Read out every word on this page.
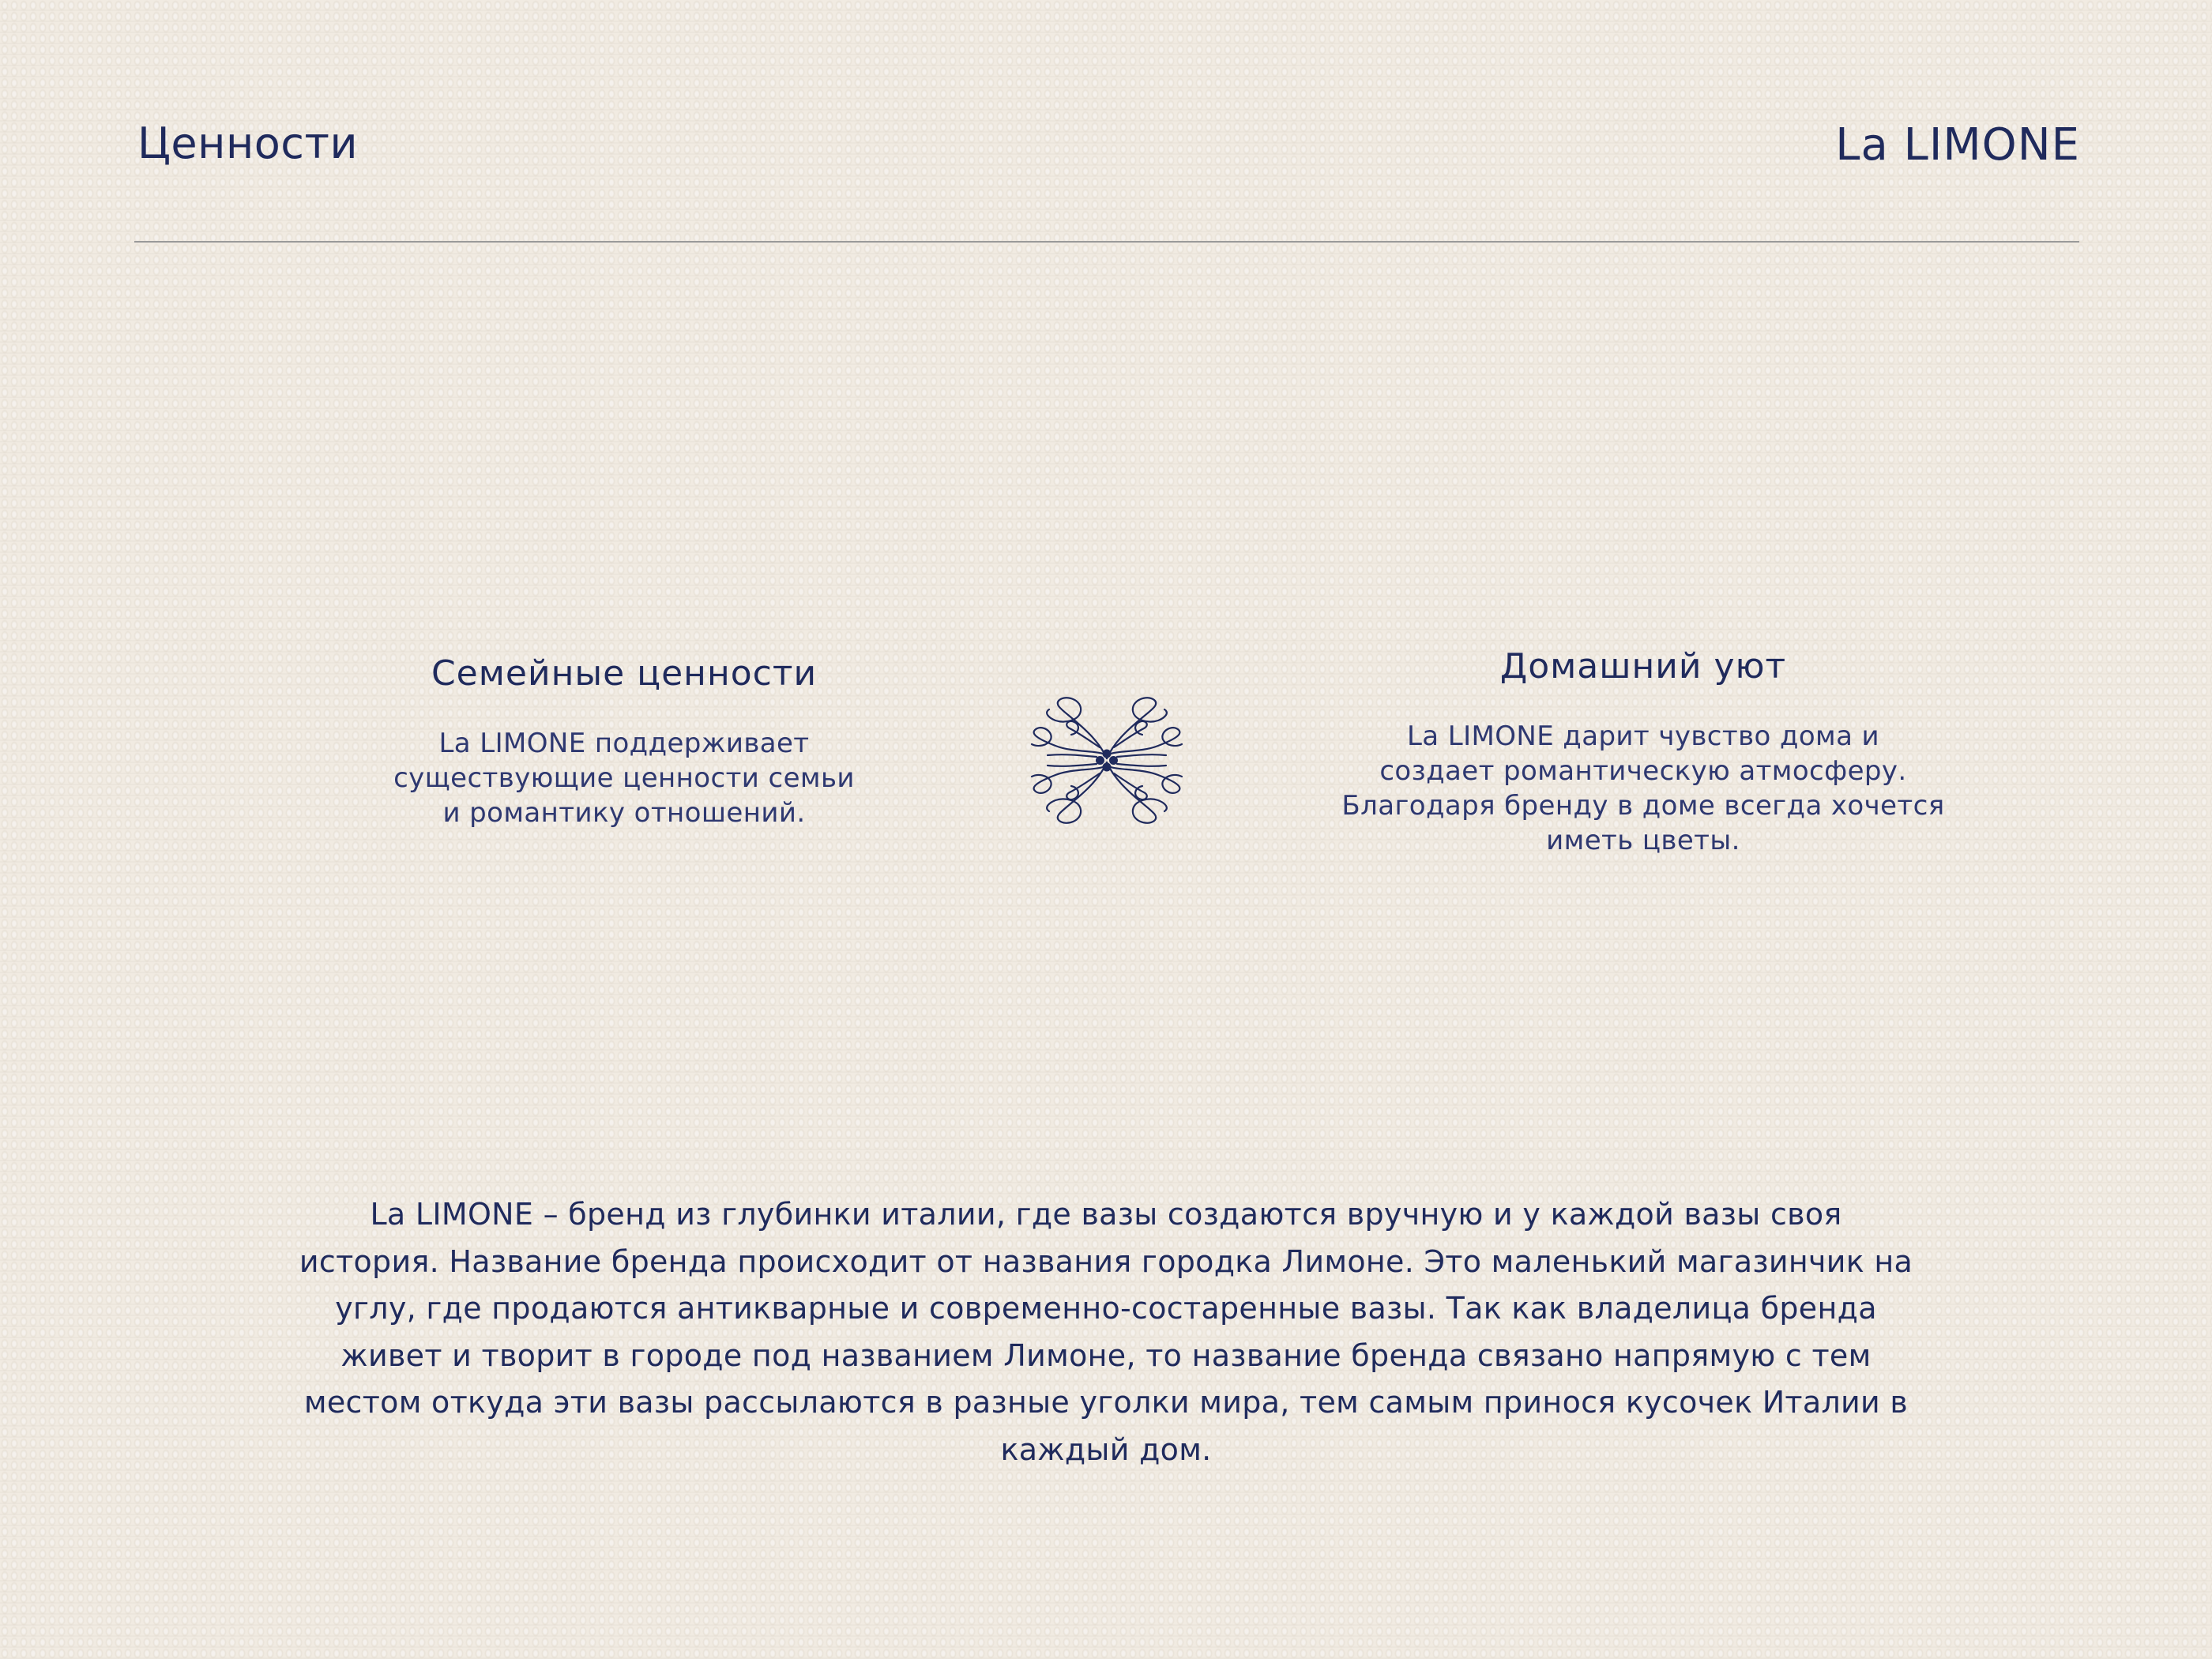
Ценности	La LIMONE
Семейные ценности
La LIMONE поддерживает
существующие ценности семьи
и романтику отношений.
Домашний уют
La LIMONE дарит чувство дома и
создает романтическую атмосферу.
Благодаря бренду в доме всегда хочется
иметь цветы.
La LIMONE – бренд из глубинки италии, где вазы создаются вручную и у каждой вазы своя
история. Название бренда происходит от названия городка Лимоне. Это маленький магазинчик на
углу, где продаются антикварные и современно-состаренные вазы. Так как владелица бренда
живет и творит в городе под названием Лимоне, то название бренда связано напрямую с тем
местом откуда эти вазы рассылаются в разные уголки мира, тем самым принося кусочек Италии в
каждый дом.
